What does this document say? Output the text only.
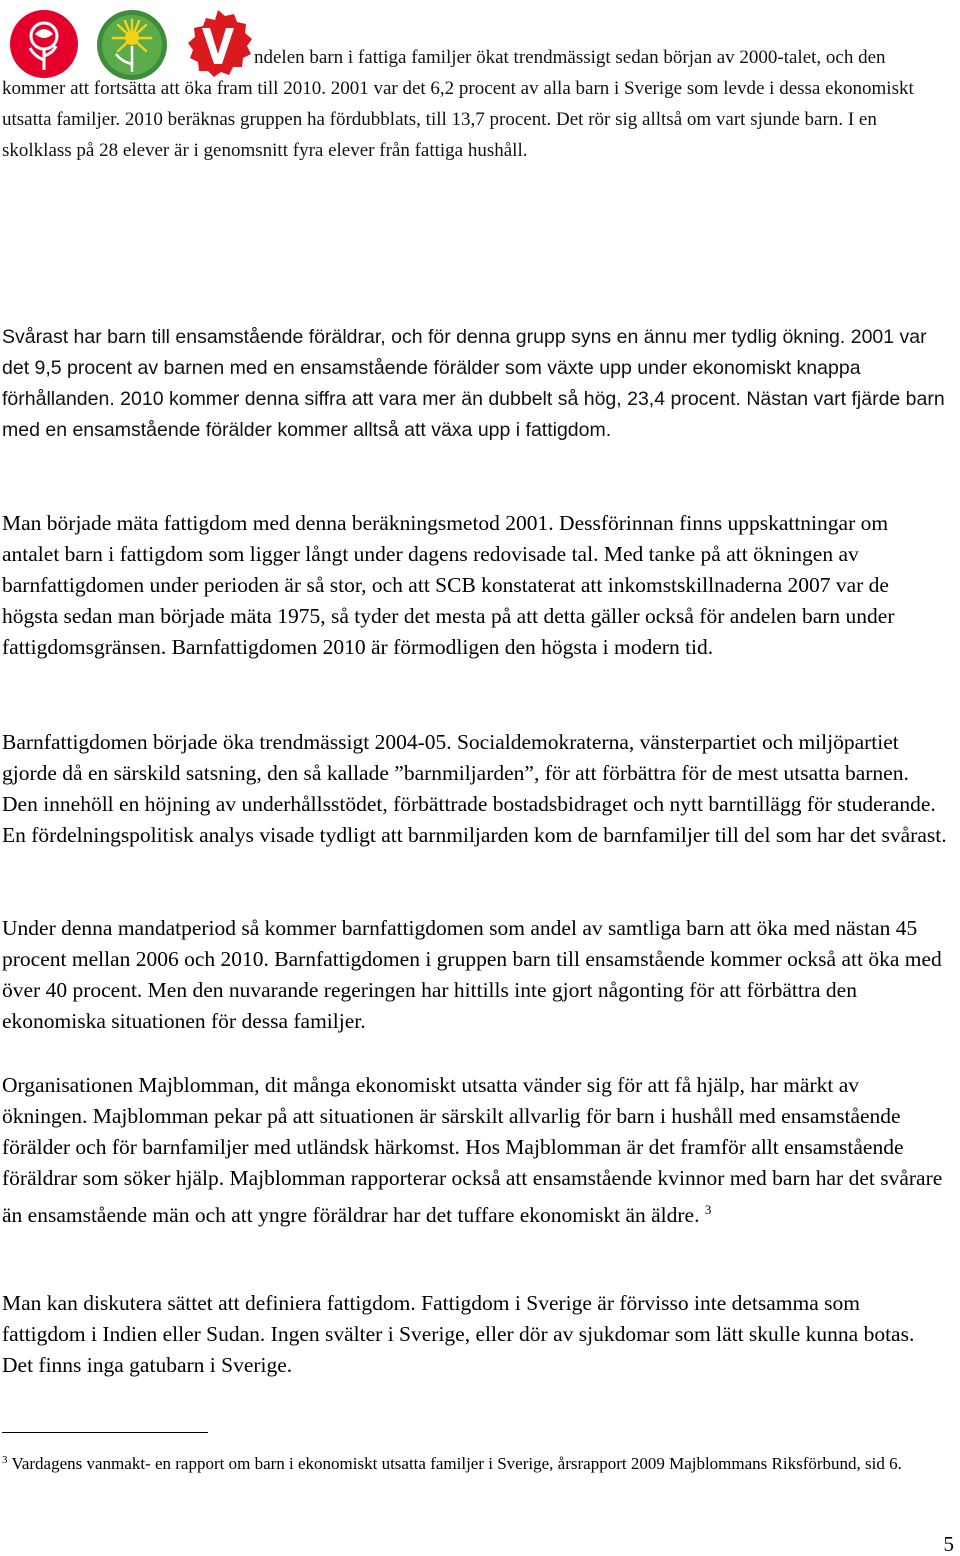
ndelen barn i fattiga familjer ökat trendmässigt sedan början av 2000-talet, och den kommer att fortsätta att öka fram till 2010. 2001 var det 6,2 procent av alla barn i Sverige som levde i dessa ekonomiskt utsatta familjer. 2010 beräknas gruppen ha fördubblats, till 13,7 procent. Det rör sig alltså om vart sjunde barn. I en skolklass på 28 elever är i genomsnitt fyra elever från fattiga hushåll.

Svårast har barn till ensamstående föräldrar, och för denna grupp syns en ännu mer tydlig ökning. 2001 var det 9,5 procent av barnen med en ensamstående förälder som växte upp under ekonomiskt knappa förhållanden. 2010 kommer denna siffra att vara mer än dubbelt så hög, 23,4 procent. Nästan vart fjärde barn med en ensamstående förälder kommer alltså att växa upp i fattigdom.

Man började mäta fattigdom med denna beräkningsmetod 2001. Dessförinnan finns uppskattningar om antalet barn i fattigdom som ligger långt under dagens redovisade tal. Med tanke på att ökningen av barnfattigdomen under perioden är så stor, och att SCB konstaterat att inkomstskillnaderna 2007 var de högsta sedan man började mäta 1975, så tyder det mesta på att detta gäller också för andelen barn under fattigdomsgränsen. Barnfattigdomen 2010 är förmodligen den högsta i modern tid.

Barnfattigdomen började öka trendmässigt 2004-05. Socialdemokraterna, vänsterpartiet och miljöpartiet gjorde då en särskild satsning, den så kallade ”barnmiljarden”, för att förbättra för de mest utsatta barnen. Den innehöll en höjning av underhållsstödet, förbättrade bostadsbidraget och nytt barntillägg för studerande. En fördelningspolitisk analys visade tydligt att barnmiljarden kom de barnfamiljer till del som har det svårast.

Under denna mandatperiod så kommer barnfattigdomen som andel av samtliga barn att öka med nästan 45 procent mellan 2006 och 2010. Barnfattigdomen i gruppen barn till ensamstående kommer också att öka med över 40 procent. Men den nuvarande regeringen har hittills inte gjort någonting för att förbättra den ekonomiska situationen för dessa familjer.

Organisationen Majblomman, dit många ekonomiskt utsatta vänder sig för att få hjälp, har märkt av ökningen. Majblomman pekar på att situationen är särskilt allvarlig för barn i hushåll med ensamstående förälder och för barnfamiljer med utländsk härkomst. Hos Majblomman är det framför allt ensamstående föräldrar som söker hjälp. Majblomman rapporterar också att ensamstående kvinnor med barn har det svårare än ensamstående män och att yngre föräldrar har det tuffare ekonomiskt än äldre. $^3$

Man kan diskutera sättet att definiera fattigdom. Fattigdom i Sverige är förvisso inte detsamma som fattigdom i Indien eller Sudan. Ingen svälter i Sverige, eller dör av sjukdomar som lätt skulle kunna botas. Det finns inga gatubarn i Sverige.

$^3$ Vardagens vanmakt- en rapport om barn i ekonomiskt utsatta familjer i Sverige, årsrapport 2009 Majblommans Riksförbund, sid 6.
5
